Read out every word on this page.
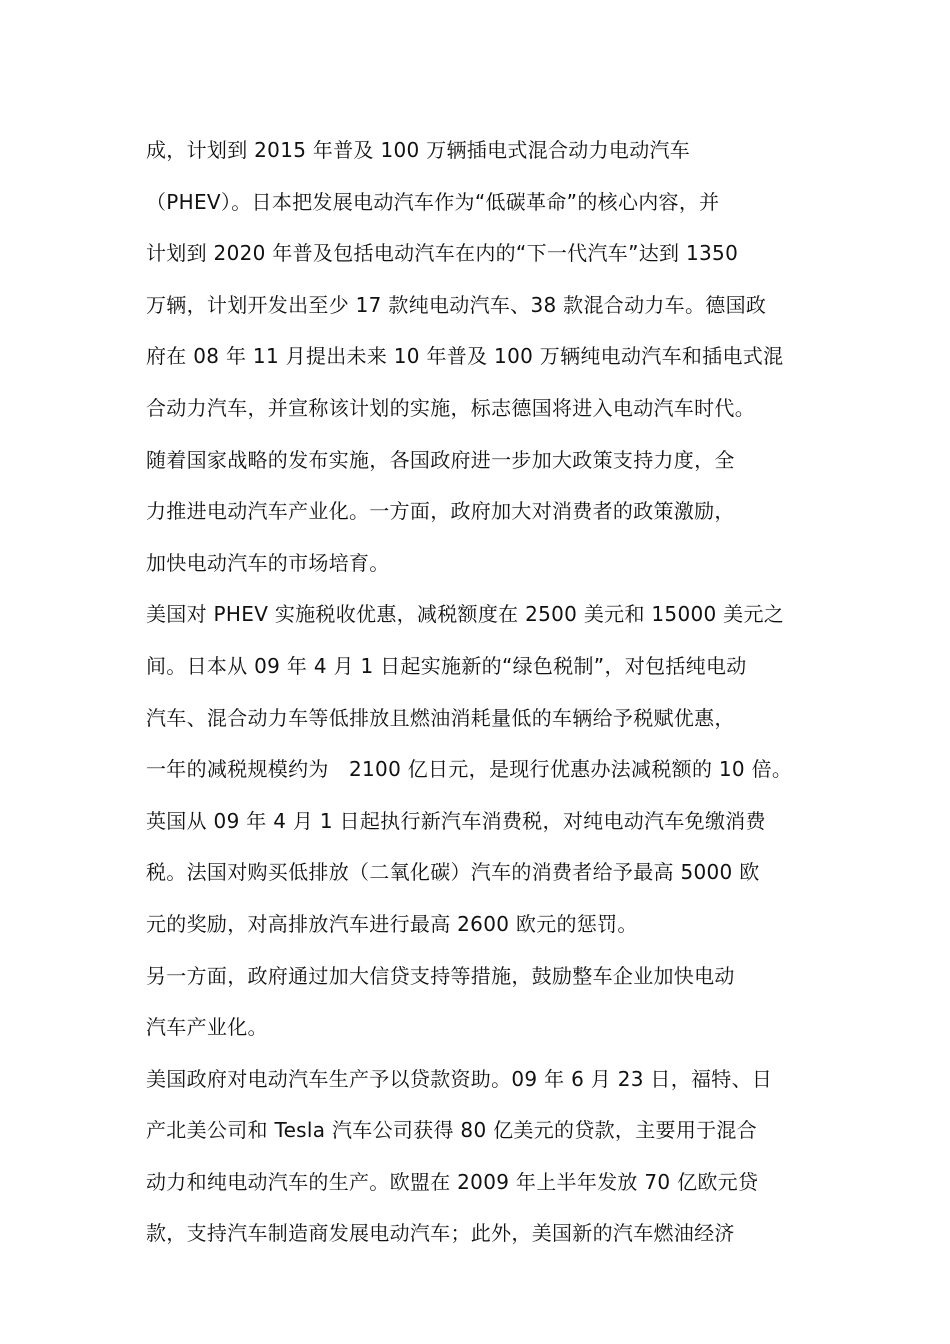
成，计划到 2015 年普及 100 万辆插电式混合动力电动汽车
（PHEV）。日本把发展电动汽车作为“低碳革命”的核心内容，并
计划到 2020 年普及包括电动汽车在内的“下一代汽车”达到 1350
万辆，计划开发出至少 17 款纯电动汽车、38 款混合动力车。德国政
府在 08 年 11 月提出未来 10 年普及 100 万辆纯电动汽车和插电式混
合动力汽车，并宣称该计划的实施，标志德国将进入电动汽车时代。
随着国家战略的发布实施，各国政府进一步加大政策支持力度，全
力推进电动汽车产业化。一方面，政府加大对消费者的政策激励，
加快电动汽车的市场培育。
美国对 PHEV 实施税收优惠，减税额度在 2500 美元和 15000 美元之
间。日本从 09 年 4 月 1 日起实施新的“绿色税制”，对包括纯电动
汽车、混合动力车等低排放且燃油消耗量低的车辆给予税赋优惠，
一年的减税规模约为　2100 亿日元，是现行优惠办法减税额的 10 倍。
英国从 09 年 4 月 1 日起执行新汽车消费税，对纯电动汽车免缴消费
税。法国对购买低排放（二氧化碳）汽车的消费者给予最高 5000 欧
元的奖励，对高排放汽车进行最高 2600 欧元的惩罚。
另一方面，政府通过加大信贷支持等措施，鼓励整车企业加快电动
汽车产业化。
美国政府对电动汽车生产予以贷款资助。09 年 6 月 23 日，福特、日
产北美公司和 Tesla 汽车公司获得 80 亿美元的贷款，主要用于混合
动力和纯电动汽车的生产。欧盟在 2009 年上半年发放 70 亿欧元贷
款，支持汽车制造商发展电动汽车；此外，美国新的汽车燃油经济
